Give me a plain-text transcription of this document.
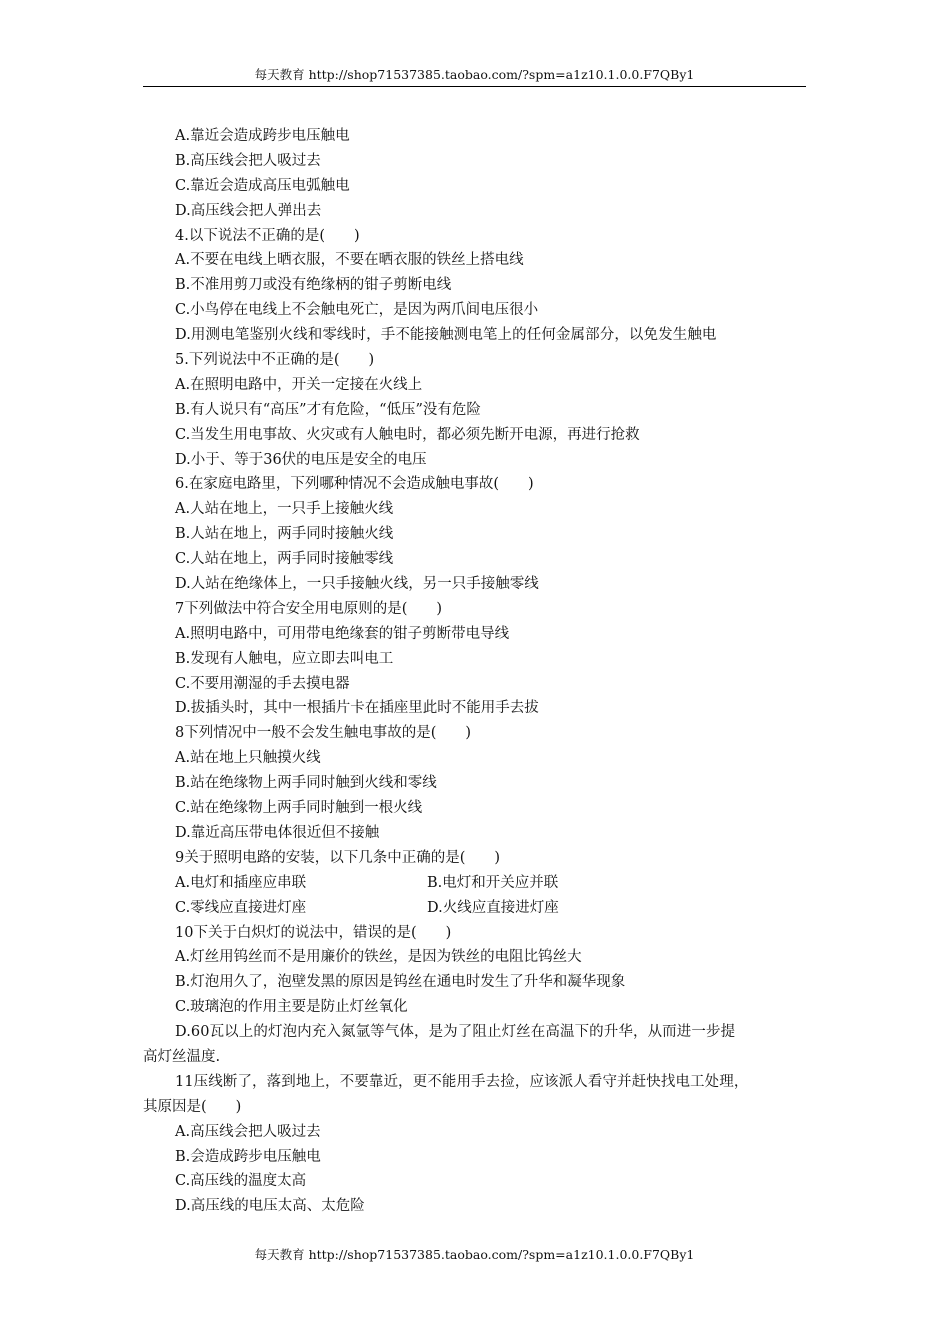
每天教育 http://shop71537385.taobao.com/?spm=a1z10.1.0.0.F7QBy1
A.靠近会造成跨步电压触电
B.高压线会把人吸过去
C.靠近会造成高压电弧触电
D.高压线会把人弹出去
4.以下说法不正确的是(　　)
A.不要在电线上晒衣服，不要在晒衣服的铁丝上搭电线
B.不准用剪刀或没有绝缘柄的钳子剪断电线
C.小鸟停在电线上不会触电死亡，是因为两爪间电压很小
D.用测电笔鉴别火线和零线时，手不能接触测电笔上的任何金属部分，以免发生触电
5.下列说法中不正确的是(　　)
A.在照明电路中，开关一定接在火线上
B.有人说只有“高压”才有危险，“低压”没有危险
C.当发生用电事故、火灾或有人触电时，都必须先断开电源，再进行抢救
D.小于、等于36伏的电压是安全的电压
6.在家庭电路里，下列哪种情况不会造成触电事故(　　)
A.人站在地上，一只手上接触火线
B.人站在地上，两手同时接触火线
C.人站在地上，两手同时接触零线
D.人站在绝缘体上，一只手接触火线，另一只手接触零线
7下列做法中符合安全用电原则的是(　　)
A.照明电路中，可用带电绝缘套的钳子剪断带电导线
B.发现有人触电，应立即去叫电工
C.不要用潮湿的手去摸电器
D.拔插头时，其中一根插片卡在插座里此时不能用手去拔
8下列情况中一般不会发生触电事故的是(　　)
A.站在地上只触摸火线
B.站在绝缘物上两手同时触到火线和零线
C.站在绝缘物上两手同时触到一根火线
D.靠近高压带电体很近但不接触
9关于照明电路的安装，以下几条中正确的是(　　)
A.电灯和插座应串联	B.电灯和开关应并联
C.零线应直接进灯座	D.火线应直接进灯座
10下关于白炽灯的说法中，错误的是(　　)
A.灯丝用钨丝而不是用廉价的铁丝，是因为铁丝的电阻比钨丝大
B.灯泡用久了，泡壁发黑的原因是钨丝在通电时发生了升华和凝华现象
C.玻璃泡的作用主要是防止灯丝氧化
D.60瓦以上的灯泡内充入氮氩等气体，是为了阻止灯丝在高温下的升华，从而进一步提
高灯丝温度.
11压线断了，落到地上，不要靠近，更不能用手去捡，应该派人看守并赶快找电工处理，
其原因是(　　)
A.高压线会把人吸过去
B.会造成跨步电压触电
C.高压线的温度太高
D.高压线的电压太高、太危险
每天教育 http://shop71537385.taobao.com/?spm=a1z10.1.0.0.F7QBy1
